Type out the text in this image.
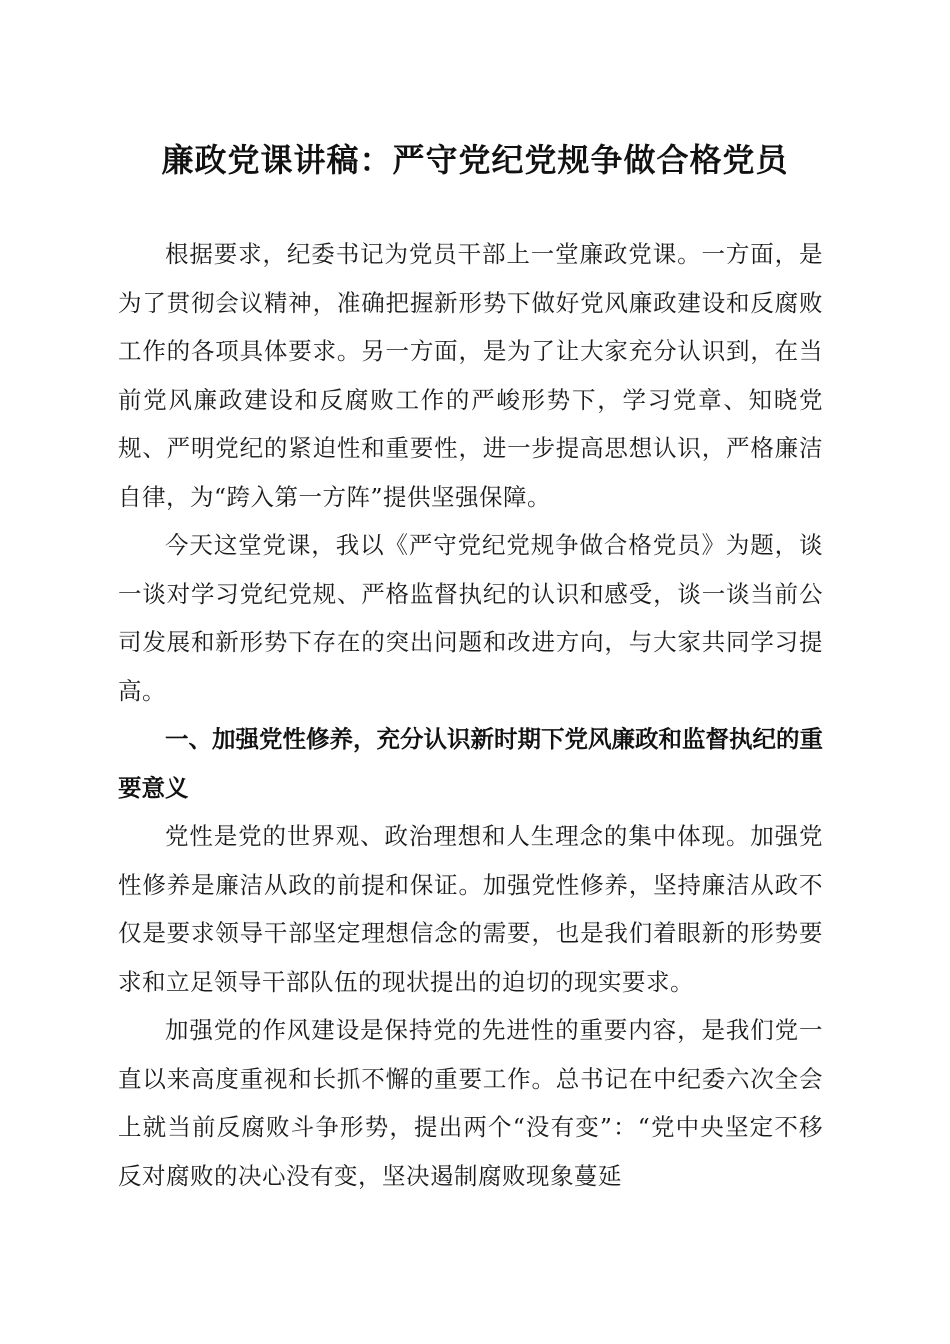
廉政党课讲稿：严守党纪党规争做合格党员

根据要求，纪委书记为党员干部上一堂廉政党课。一方面，是为了贯彻会议精神，准确把握新形势下做好党风廉政建设和反腐败工作的各项具体要求。另一方面，是为了让大家充分认识到，在当前党风廉政建设和反腐败工作的严峻形势下，学习党章、知晓党规、严明党纪的紧迫性和重要性，进一步提高思想认识，严格廉洁自律，为“跨入第一方阵”提供坚强保障。

今天这堂党课，我以《严守党纪党规争做合格党员》为题，谈一谈对学习党纪党规、严格监督执纪的认识和感受，谈一谈当前公司发展和新形势下存在的突出问题和改进方向，与大家共同学习提高。

一、加强党性修养，充分认识新时期下党风廉政和监督执纪的重要意义

党性是党的世界观、政治理想和人生理念的集中体现。加强党性修养是廉洁从政的前提和保证。加强党性修养，坚持廉洁从政不仅是要求领导干部坚定理想信念的需要，也是我们着眼新的形势要求和立足领导干部队伍的现状提出的迫切的现实要求。

加强党的作风建设是保持党的先进性的重要内容，是我们党一直以来高度重视和长抓不懈的重要工作。总书记在中纪委六次全会上就当前反腐败斗争形势，提出两个“没有变”：“党中央坚定不移反对腐败的决心没有变，坚决遏制腐败现象蔓延
